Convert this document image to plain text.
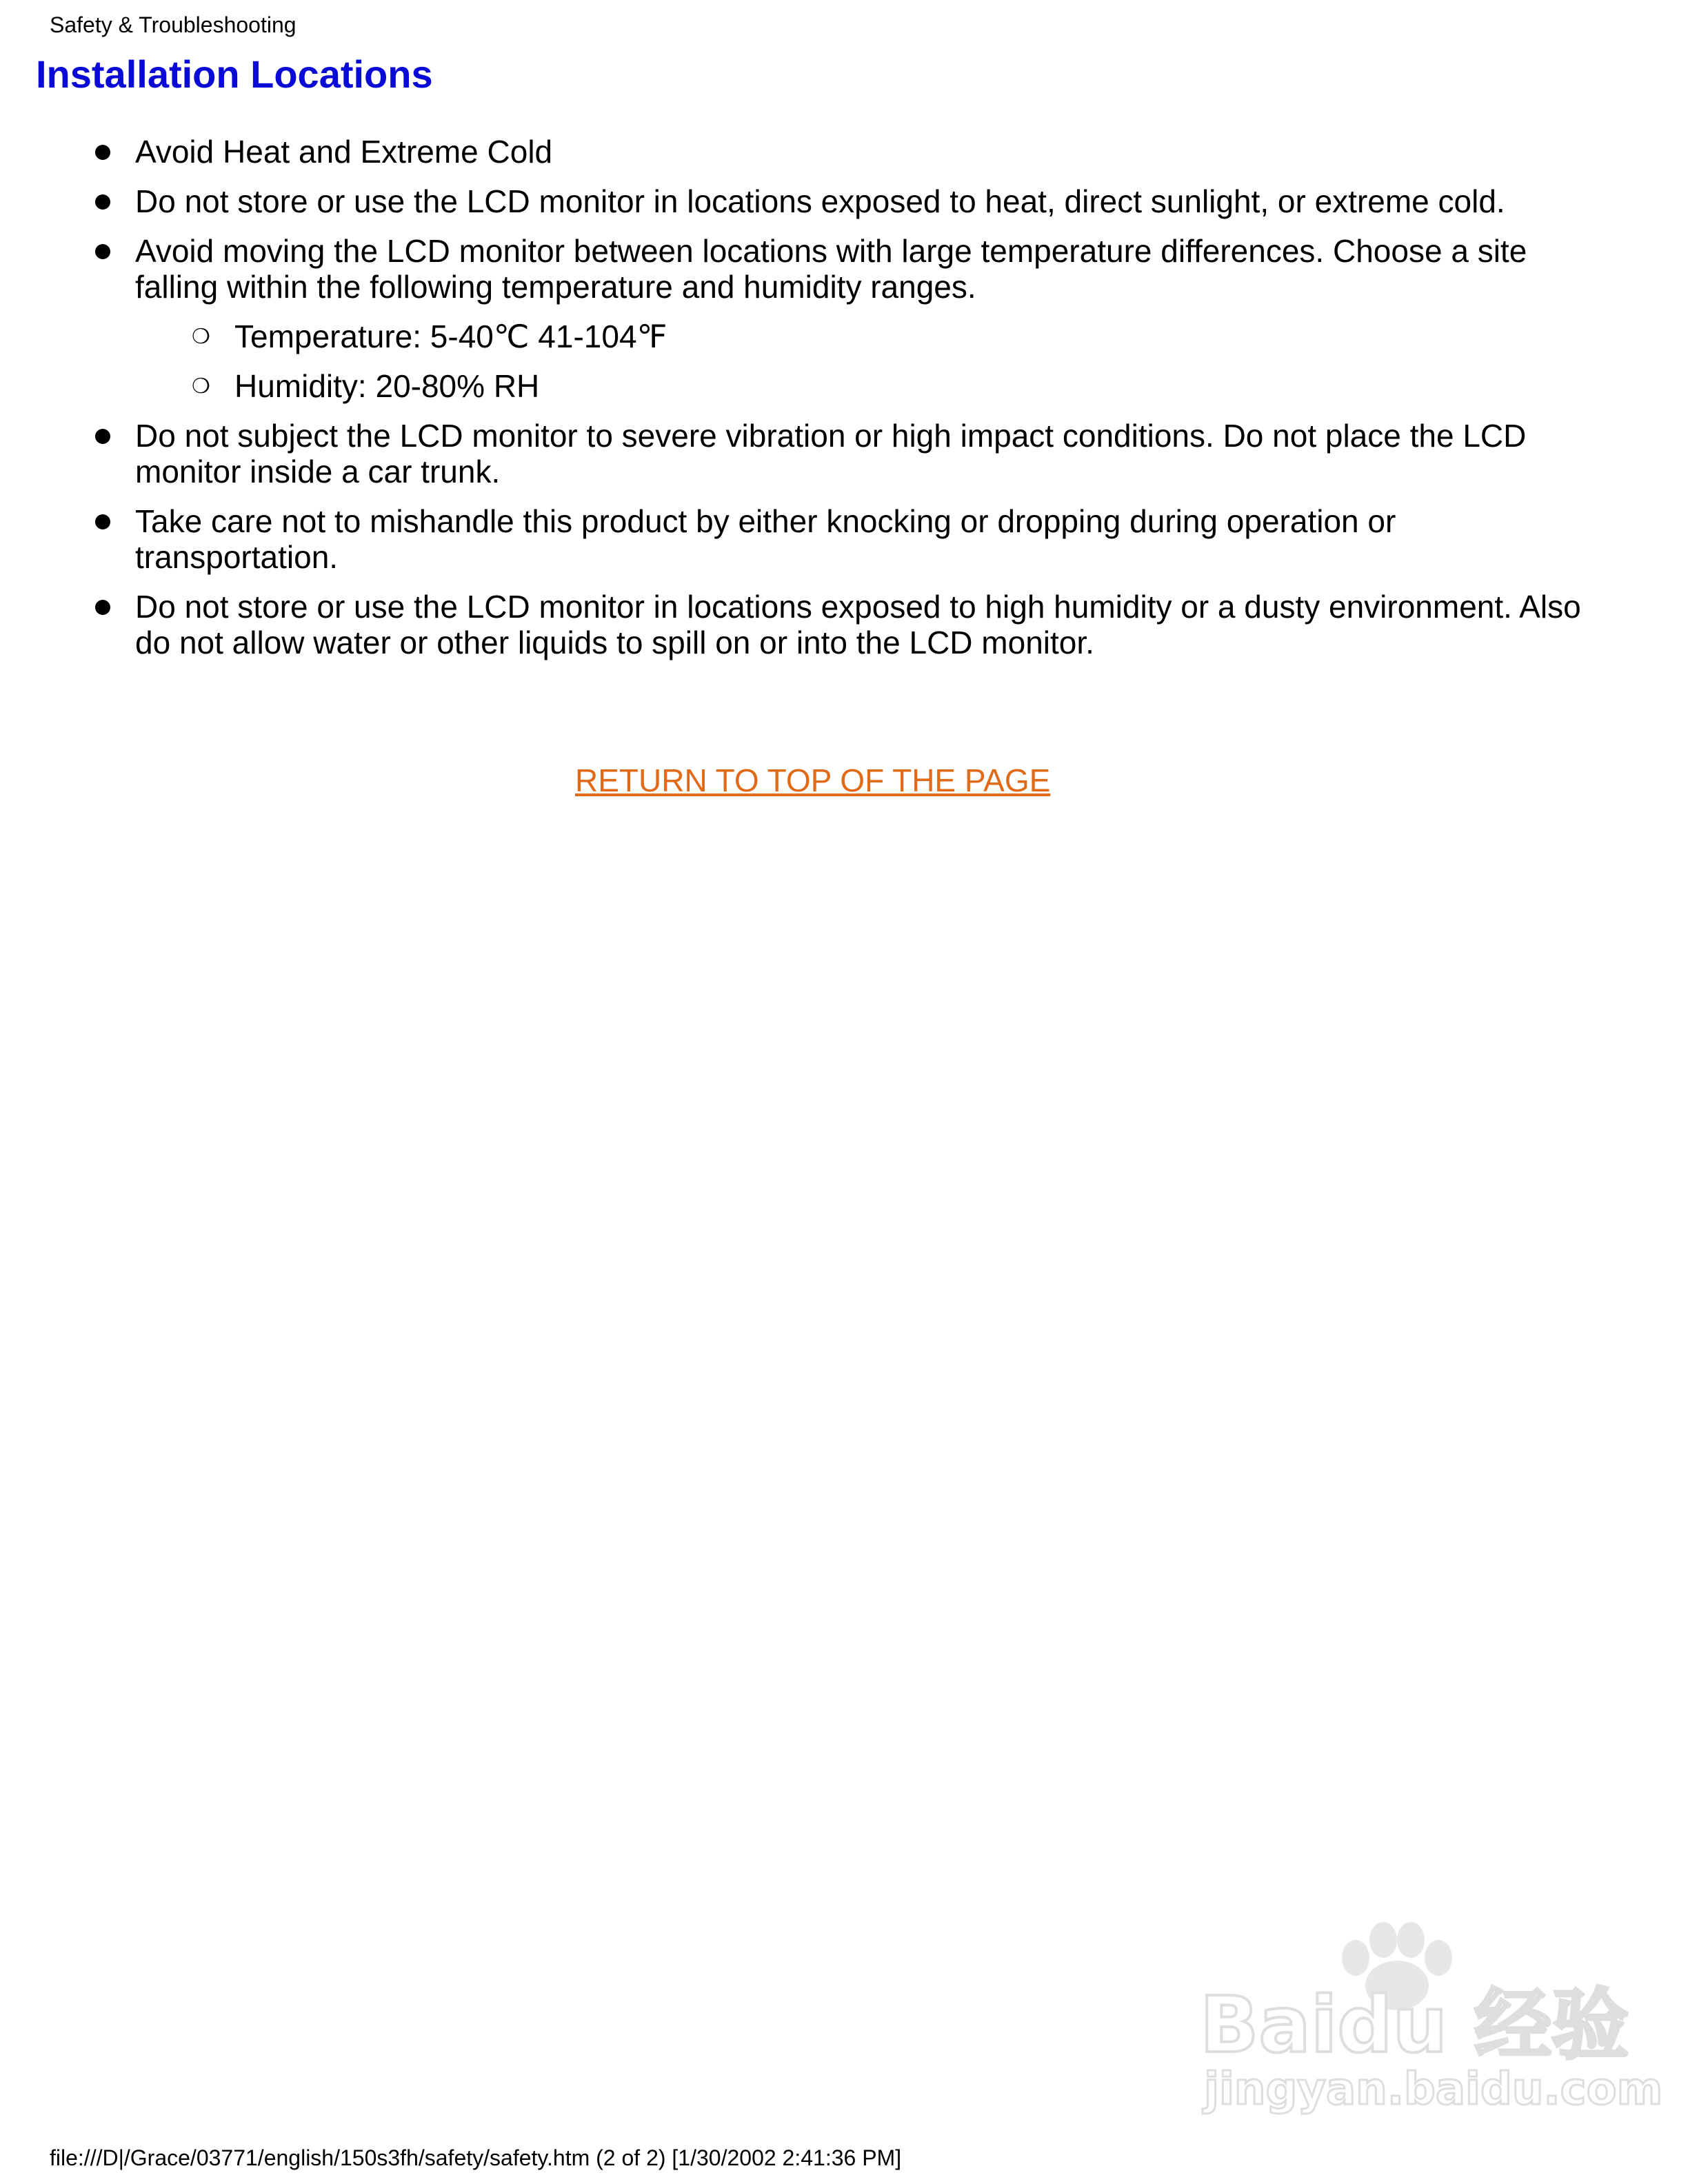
Safety & Troubleshooting
Installation Locations
Avoid Heat and Extreme Cold
Do not store or use the LCD monitor in locations exposed to heat, direct sunlight, or extreme cold.
Avoid moving the LCD monitor between locations with large temperature differences. Choose a site falling within the following temperature and humidity ranges.
❍ Temperature: 5-40℃ 41-104℉
❍ Humidity: 20-80% RH
Do not subject the LCD monitor to severe vibration or high impact conditions. Do not place the LCD monitor inside a car trunk.
Take care not to mishandle this product by either knocking or dropping during operation or transportation.
Do not store or use the LCD monitor in locations exposed to high humidity or a dusty environment. Also do not allow water or other liquids to spill on or into the LCD monitor.
RETURN TO TOP OF THE PAGE
Baidu 经验
jingyan.baidu.com
file:///D|/Grace/03771/english/150s3fh/safety/safety.htm (2 of 2) [1/30/2002 2:41:36 PM]
